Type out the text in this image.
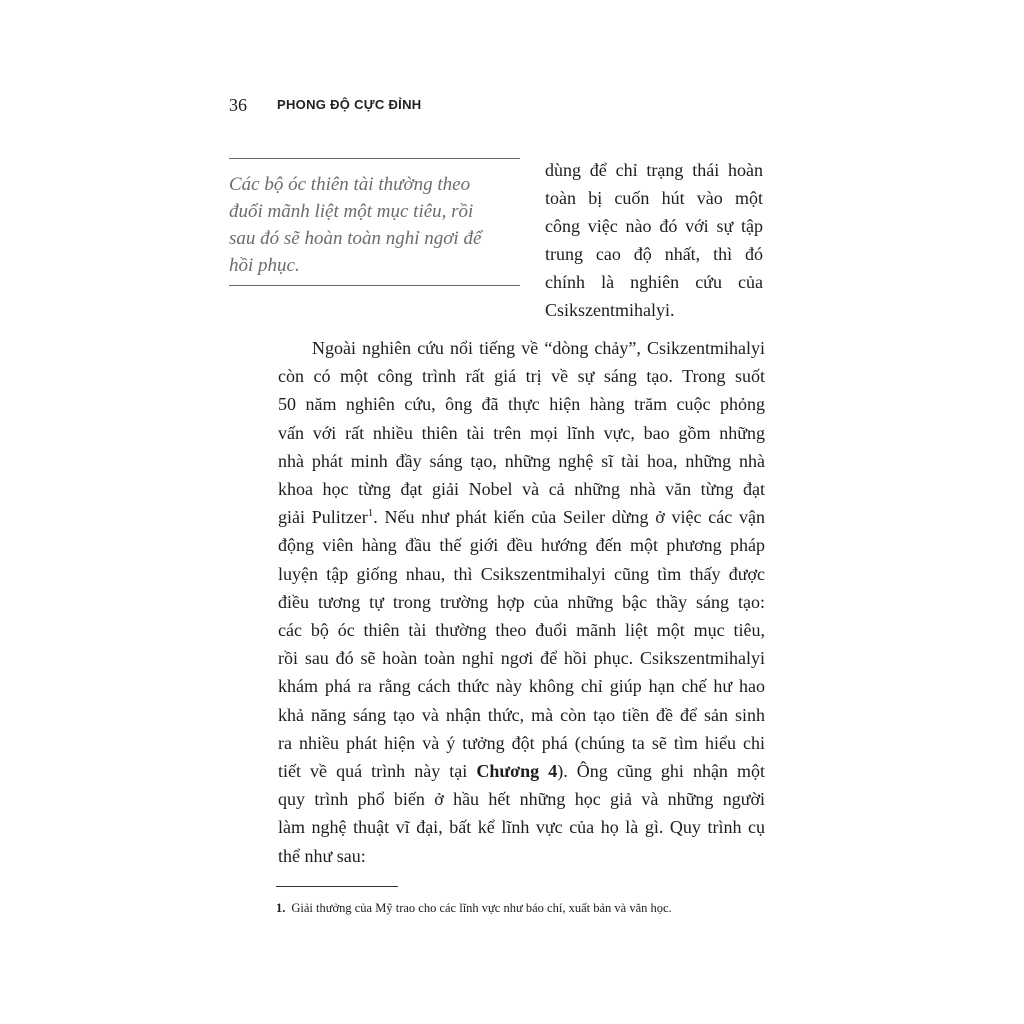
36 PHONG ĐỘ CỰC ĐỈNH
Các bộ óc thiên tài thường theo
đuổi mãnh liệt một mục tiêu, rồi
sau đó sẽ hoàn toàn nghỉ ngơi để
hồi phục.
dùng để chỉ trạng thái hoàn
toàn bị cuốn hút vào một
công việc nào đó với sự tập
trung cao độ nhất, thì đó
chính là nghiên cứu của
Csikszentmihalyi.
Ngoài nghiên cứu nổi tiếng về “dòng chảy”, Csikzentmihalyi
còn có một công trình rất giá trị về sự sáng tạo. Trong suốt
50 năm nghiên cứu, ông đã thực hiện hàng trăm cuộc phỏng
vấn với rất nhiều thiên tài trên mọi lĩnh vực, bao gồm những
nhà phát minh đầy sáng tạo, những nghệ sĩ tài hoa, những nhà
khoa học từng đạt giải Nobel và cả những nhà văn từng đạt
giải Pulitzer$^1$. Nếu như phát kiến của Seiler dừng ở việc các vận
động viên hàng đầu thế giới đều hướng đến một phương pháp
luyện tập giống nhau, thì Csikszentmihalyi cũng tìm thấy được
điều tương tự trong trường hợp của những bậc thầy sáng tạo:
các bộ óc thiên tài thường theo đuổi mãnh liệt một mục tiêu,
rồi sau đó sẽ hoàn toàn nghỉ ngơi để hồi phục. Csikszentmihalyi
khám phá ra rằng cách thức này không chỉ giúp hạn chế hư hao
khả năng sáng tạo và nhận thức, mà còn tạo tiền đề để sản sinh
ra nhiều phát hiện và ý tưởng đột phá (chúng ta sẽ tìm hiểu chi
tiết về quá trình này tại Chương 4). Ông cũng ghi nhận một
quy trình phổ biến ở hầu hết những học giả và những người
làm nghệ thuật vĩ đại, bất kể lĩnh vực của họ là gì. Quy trình cụ
thể như sau:
1. Giải thưởng của Mỹ trao cho các lĩnh vực như báo chí, xuất bản và văn học.
